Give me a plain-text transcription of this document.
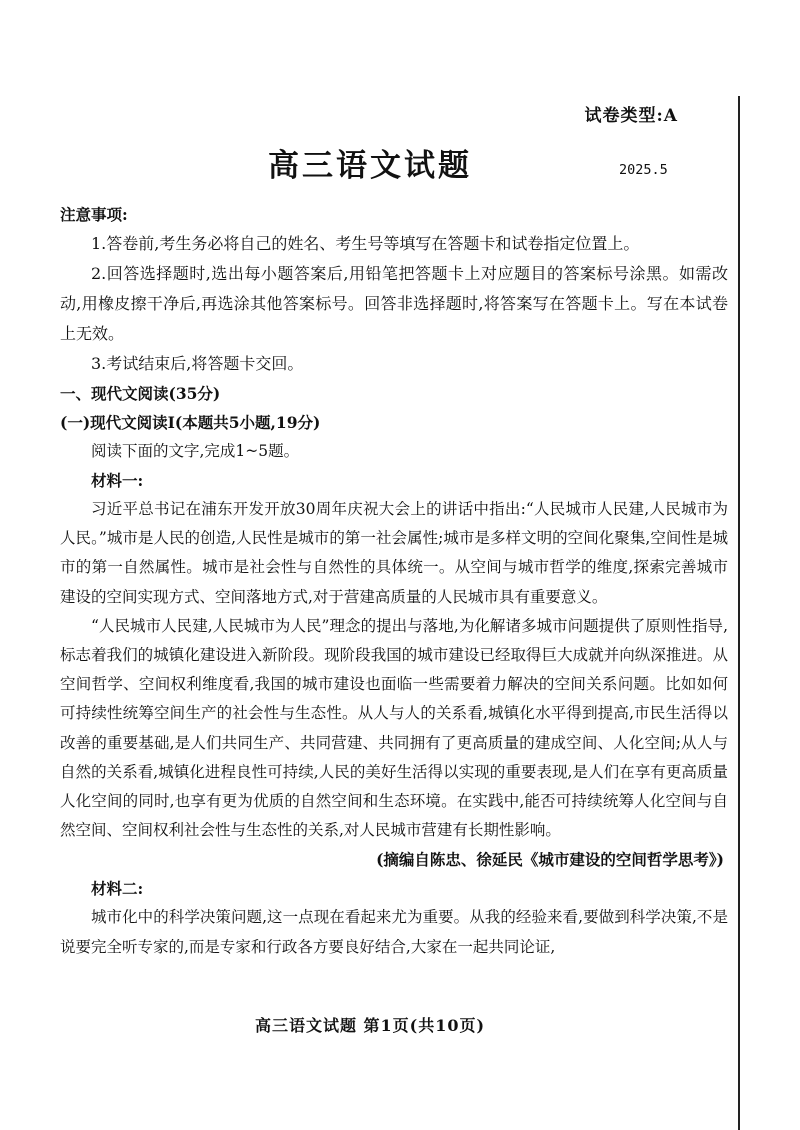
试卷类型:A
高三语文试题	2025.5
注意事项:
1.答卷前,考生务必将自己的姓名、考生号等填写在答题卡和试卷指定位置上。

2.回答选择题时,选出每小题答案后,用铅笔把答题卡上对应题目的答案标号涂黑。如需改动,用橡皮擦干净后,再选涂其他答案标号。回答非选择题时,将答案写在答题卡上。写在本试卷上无效。

3.考试结束后,将答题卡交回。
一、现代文阅读(35分)
(一)现代文阅读Ⅰ(本题共5小题,19分)
阅读下面的文字,完成1~5题。
材料一:

习近平总书记在浦东开发开放30周年庆祝大会上的讲话中指出:“人民城市人民建,人民城市为人民。”城市是人民的创造,人民性是城市的第一社会属性;城市是多样文明的空间化聚集,空间性是城市的第一自然属性。城市是社会性与自然性的具体统一。从空间与城市哲学的维度,探索完善城市建设的空间实现方式、空间落地方式,对于营建高质量的人民城市具有重要意义。

“人民城市人民建,人民城市为人民”理念的提出与落地,为化解诸多城市问题提供了原则性指导,标志着我们的城镇化建设进入新阶段。现阶段我国的城市建设已经取得巨大成就并向纵深推进。从空间哲学、空间权利维度看,我国的城市建设也面临一些需要着力解决的空间关系问题。比如如何可持续性统筹空间生产的社会性与生态性。从人与人的关系看,城镇化水平得到提高,市民生活得以改善的重要基础,是人们共同生产、共同营建、共同拥有了更高质量的建成空间、人化空间;从人与自然的关系看,城镇化进程良性可持续,人民的美好生活得以实现的重要表现,是人们在享有更高质量人化空间的同时,也享有更为优质的自然空间和生态环境。在实践中,能否可持续统筹人化空间与自然空间、空间权利社会性与生态性的关系,对人民城市营建有长期性影响。

(摘编自陈忠、徐延民《城市建设的空间哲学思考》)
材料二:

城市化中的科学决策问题,这一点现在看起来尤为重要。从我的经验来看,要做到科学决策,不是说要完全听专家的,而是专家和行政各方要良好结合,大家在一起共同论证,

高三语文试题 第1页(共10页)
